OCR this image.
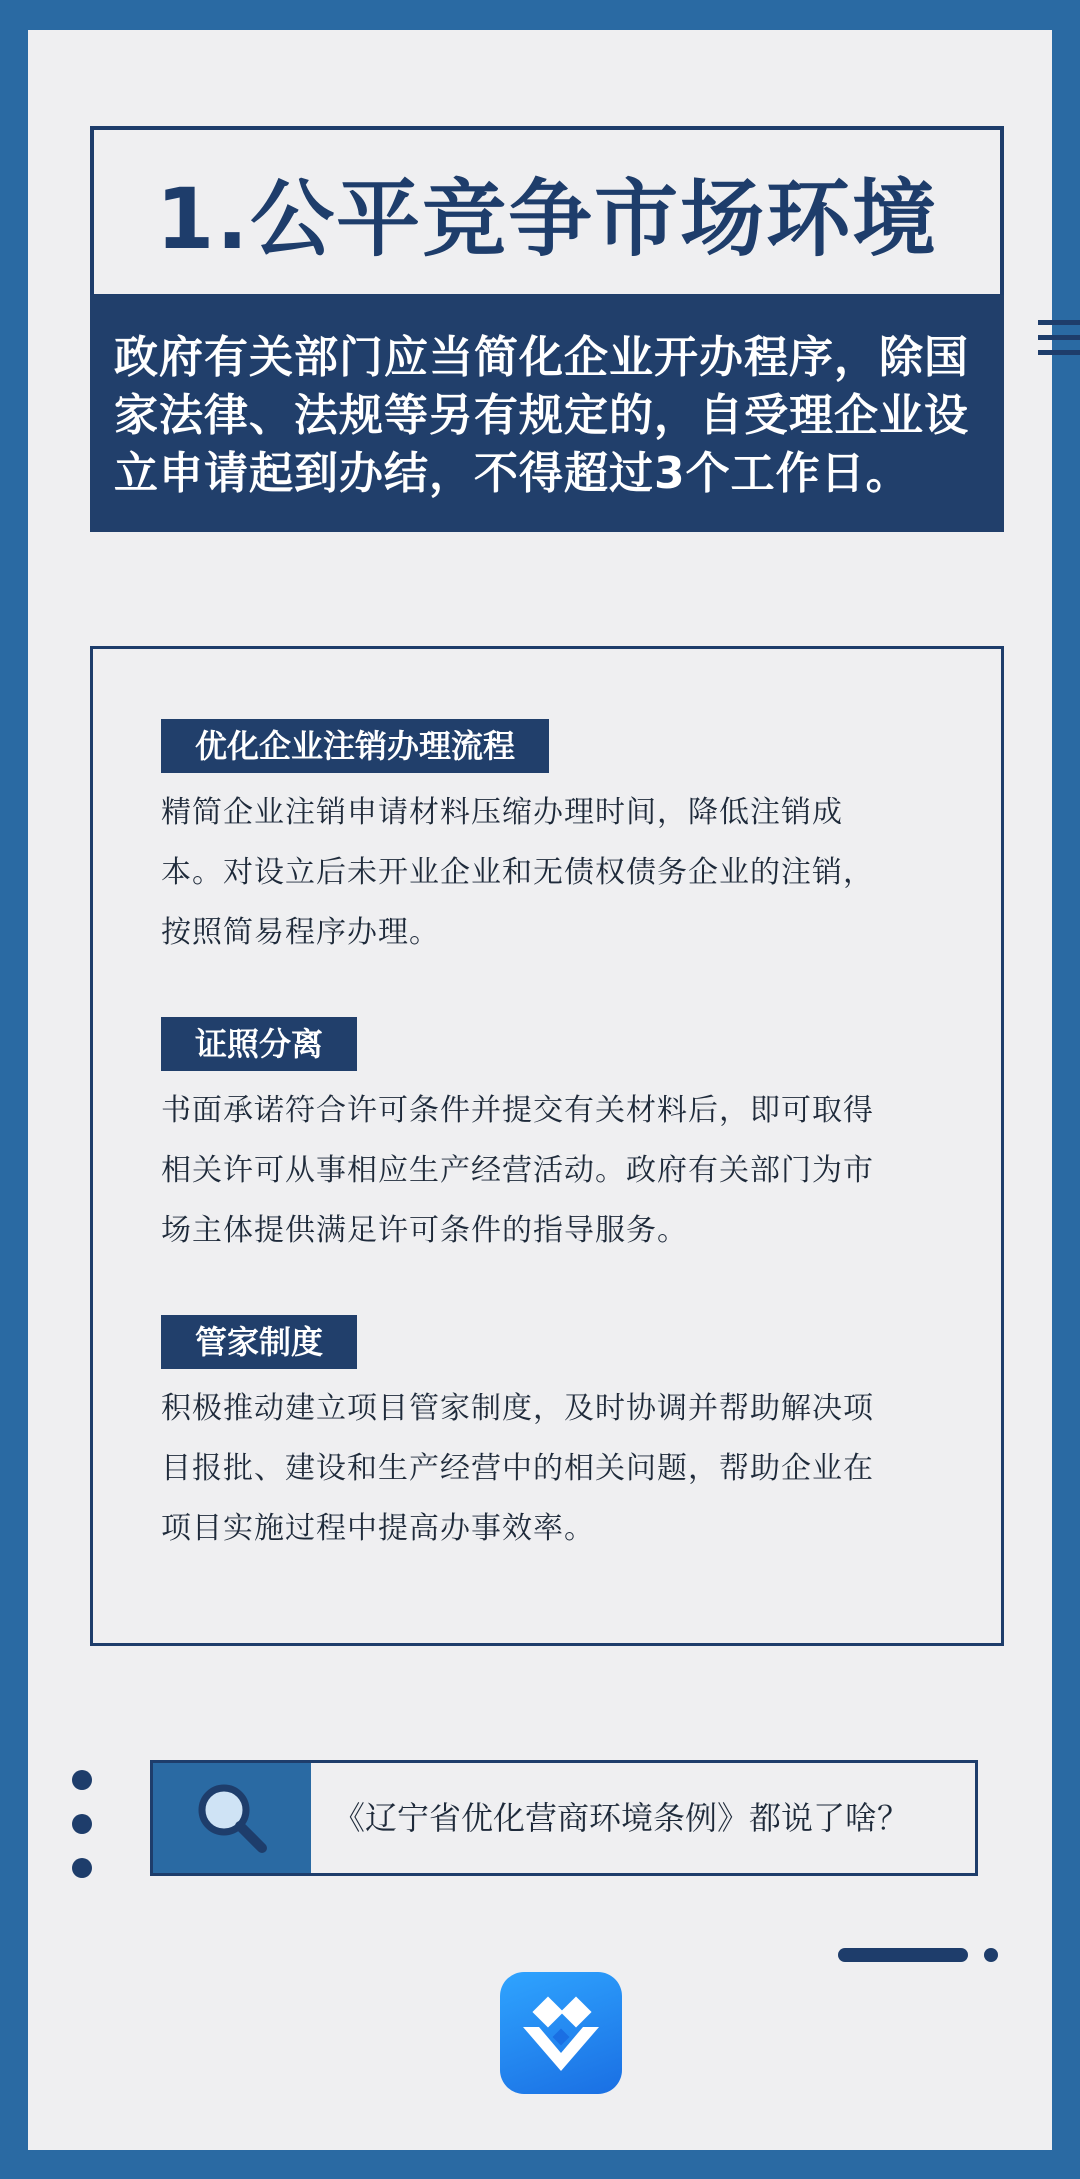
1.公平竞争市场环境
政府有关部门应当简化企业开办程序，除国
家法律、法规等另有规定的，自受理企业设
立申请起到办结，不得超过3个工作日。
优化企业注销办理流程
精简企业注销申请材料压缩办理时间，降低注销成
本。对设立后未开业企业和无债权债务企业的注销，
按照简易程序办理。
证照分离
书面承诺符合许可条件并提交有关材料后，即可取得
相关许可从事相应生产经营活动。政府有关部门为市
场主体提供满足许可条件的指导服务。
管家制度
积极推动建立项目管家制度，及时协调并帮助解决项
目报批、建设和生产经营中的相关问题，帮助企业在
项目实施过程中提高办事效率。
《辽宁省优化营商环境条例》都说了啥？
